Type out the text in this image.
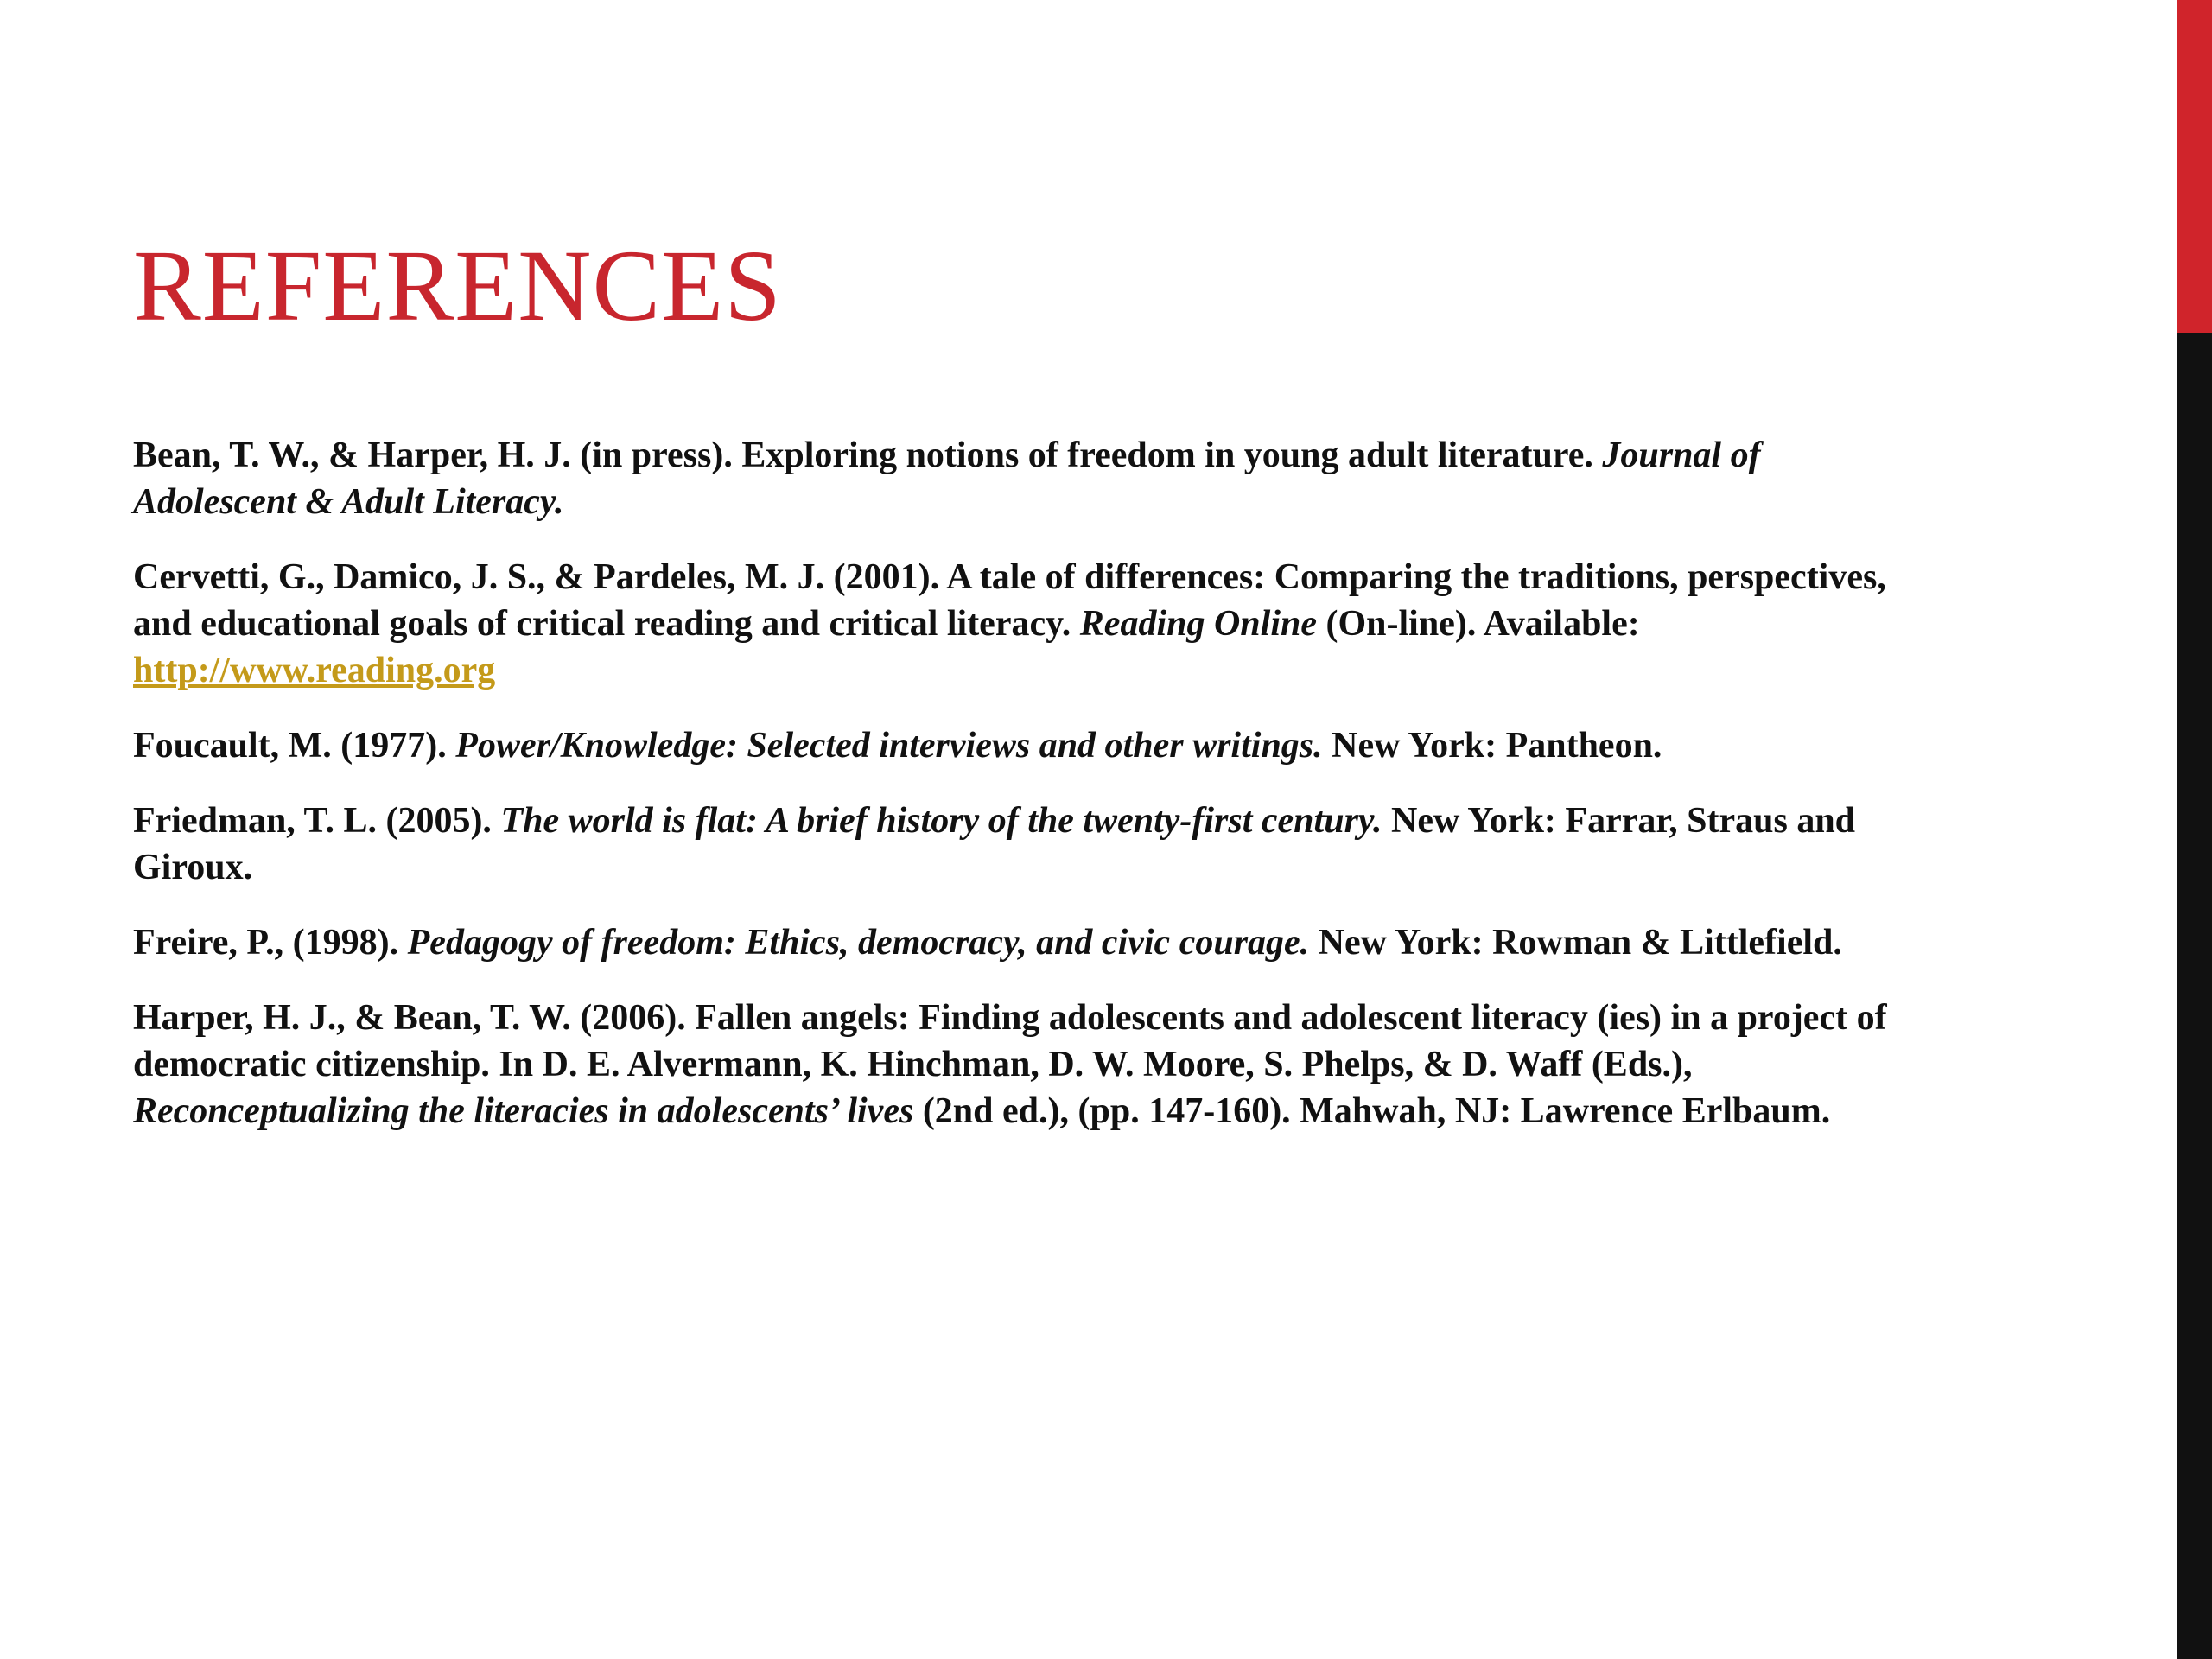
REFERENCES
Bean, T. W., & Harper, H. J. (in press). Exploring notions of freedom in young adult literature. Journal of Adolescent & Adult Literacy.
Cervetti, G., Damico, J. S., & Pardeles, M. J. (2001). A tale of differences: Comparing the traditions, perspectives, and educational goals of critical reading and critical literacy. Reading Online (On-line). Available: http://www.reading.org
Foucault, M. (1977). Power/Knowledge: Selected interviews and other writings. New York: Pantheon.
Friedman, T. L. (2005). The world is flat: A brief history of the twenty-first century. New York: Farrar, Straus and Giroux.
Freire, P., (1998). Pedagogy of freedom: Ethics, democracy, and civic courage. New York: Rowman & Littlefield.
Harper, H. J., & Bean, T. W. (2006). Fallen angels: Finding adolescents and adolescent literacy (ies) in a project of democratic citizenship. In D. E. Alvermann, K. Hinchman, D. W. Moore, S. Phelps, & D. Waff (Eds.), Reconceptualizing the literacies in adolescents’ lives (2nd ed.), (pp. 147-160). Mahwah, NJ: Lawrence Erlbaum.
